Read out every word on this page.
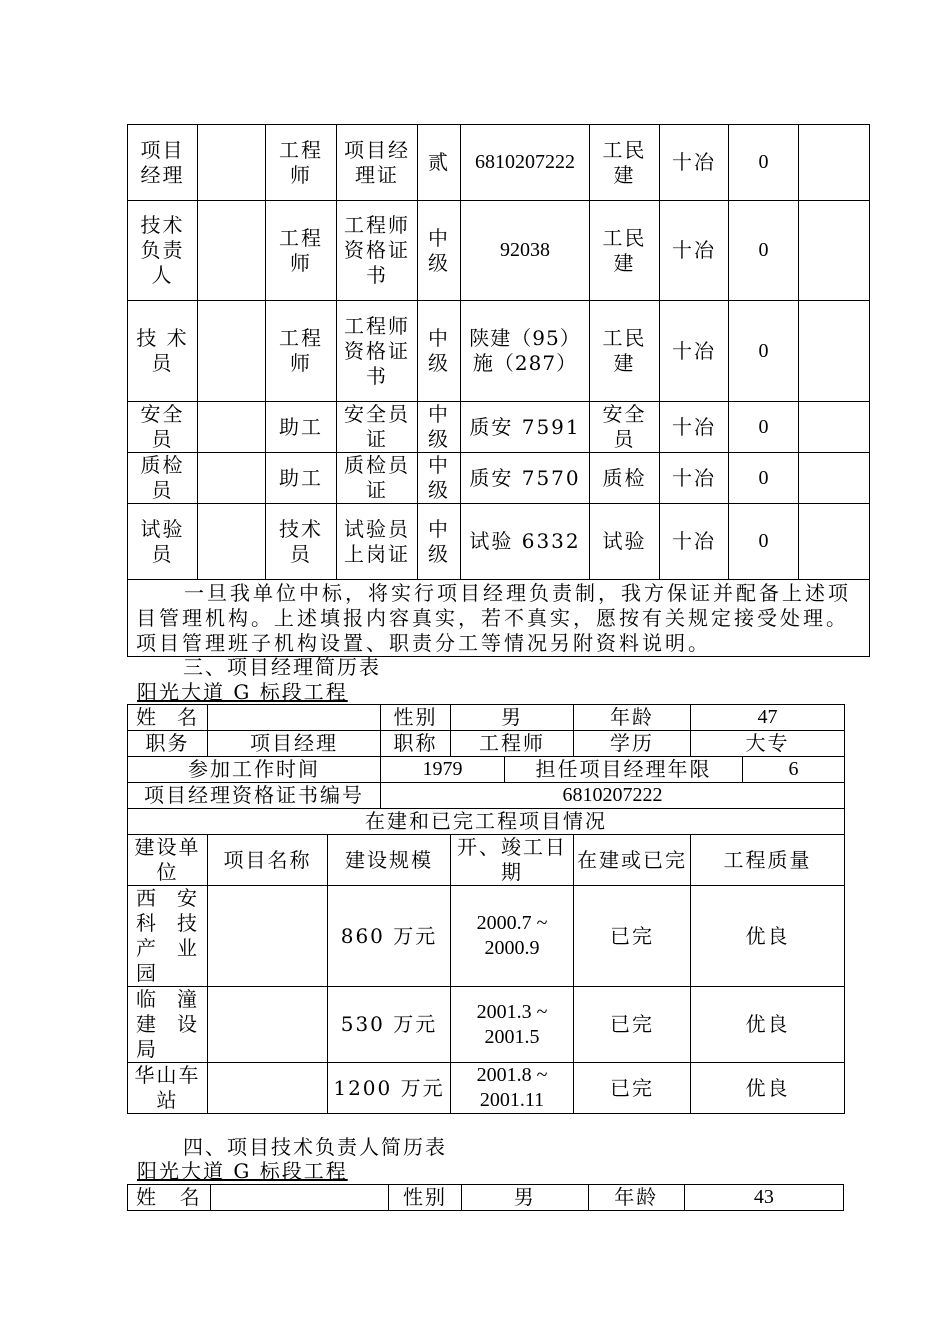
项目经理		工程师	项目经理证	贰	6810207222	工民建	十冶	0	
技术负责人		工程师	工程师资格证书	中级	92038	工民建	十冶	0	
技 术员		工程师	工程师资格证书	中级	陕建（95）施（287）	工民建	十冶	0	
安全员		助工	安全员证	中级	质安 7591	安全员	十冶	0	
质检员		助工	质检员证	中级	质安 7570	质检	十冶	0	
试验员		技术员	试验员上岗证	中级	试验 6332	试验	十冶	0	
一旦我单位中标，将实行项目经理负责制，我方保证并配备上述项目管理机构。上述填报内容真实，若不真实，愿按有关规定接受处理。项目管理班子机构设置、职责分工等情况另附资料说明。									
三、项目经理简历表
阳光大道 G 标段工程
姓名			性别	男		年龄	47	
职务	项目经理		职称	工程师		学历	大专	
参加工作时间			1979		担任项目经理年限			6
项目经理资格证书编号			6810207222					
在建和已完工程项目情况								
建设单位	项目名称	建设规模		开、竣工日期		在建或已完	工程质量	
西 安科 技产 业园		860 万元		2000.7 ~ 2000.9		已完	优良	
临 潼建 设局		530 万元		2001.3 ~ 2001.5		已完	优良	
华山车站		1200 万元		2001.8 ~ 2001.11		已完	优良	
四、项目技术负责人简历表
阳光大道 G 标段工程
姓名		性别	男	年龄	43
